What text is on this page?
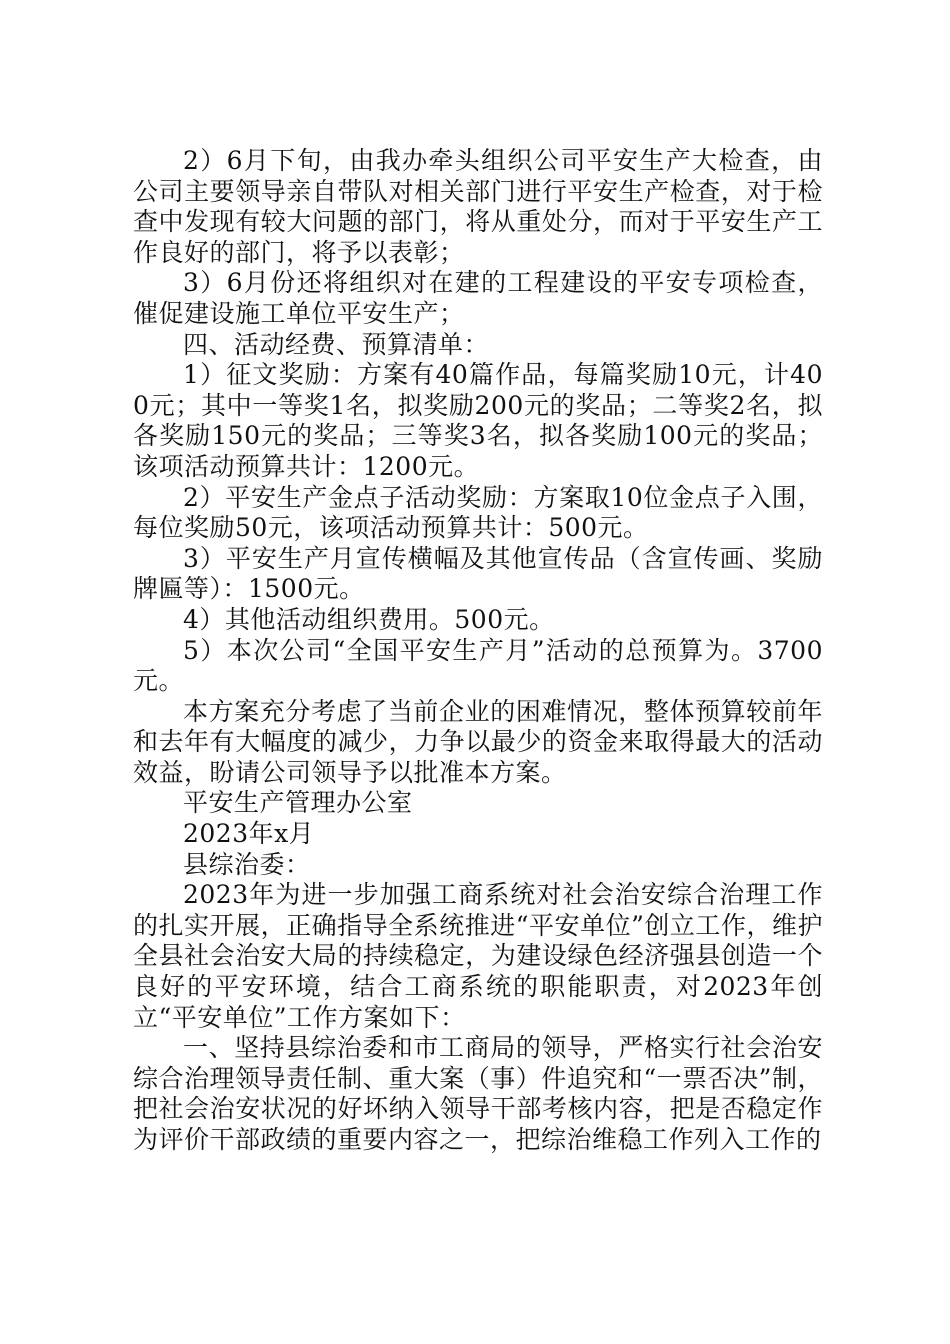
2）6月下旬，由我办牵头组织公司平安生产大检查，由公司主要领导亲自带队对相关部门进行平安生产检查，对于检查中发现有较大问题的部门，将从重处分，而对于平安生产工作良好的部门，将予以表彰；

3）6月份还将组织对在建的工程建设的平安专项检查，催促建设施工单位平安生产；

四、活动经费、预算清单：

1）征文奖励：方案有40篇作品，每篇奖励10元，计400元；其中一等奖1名，拟奖励200元的奖品；二等奖2名，拟各奖励150元的奖品；三等奖3名，拟各奖励100元的奖品；该项活动预算共计：1200元。

2）平安生产金点子活动奖励：方案取10位金点子入围，每位奖励50元，该项活动预算共计：500元。

3）平安生产月宣传横幅及其他宣传品（含宣传画、奖励牌匾等）：1500元。

4）其他活动组织费用。500元。

5）本次公司“全国平安生产月”活动的总预算为。3700元。

本方案充分考虑了当前企业的困难情况，整体预算较前年和去年有大幅度的减少，力争以最少的资金来取得最大的活动效益，盼请公司领导予以批准本方案。

平安生产管理办公室

2023年x月

县综治委：

2023年为进一步加强工商系统对社会治安综合治理工作的扎实开展，正确指导全系统推进“平安单位”创立工作，维护全县社会治安大局的持续稳定，为建设绿色经济强县创造一个良好的平安环境，结合工商系统的职能职责，对2023年创立“平安单位”工作方案如下：

一、坚持县综治委和市工商局的领导，严格实行社会治安综合治理领导责任制、重大案（事）件追究和“一票否决”制，把社会治安状况的好坏纳入领导干部考核内容，把是否稳定作为评价干部政绩的重要内容之一，把综治维稳工作列入工作的
